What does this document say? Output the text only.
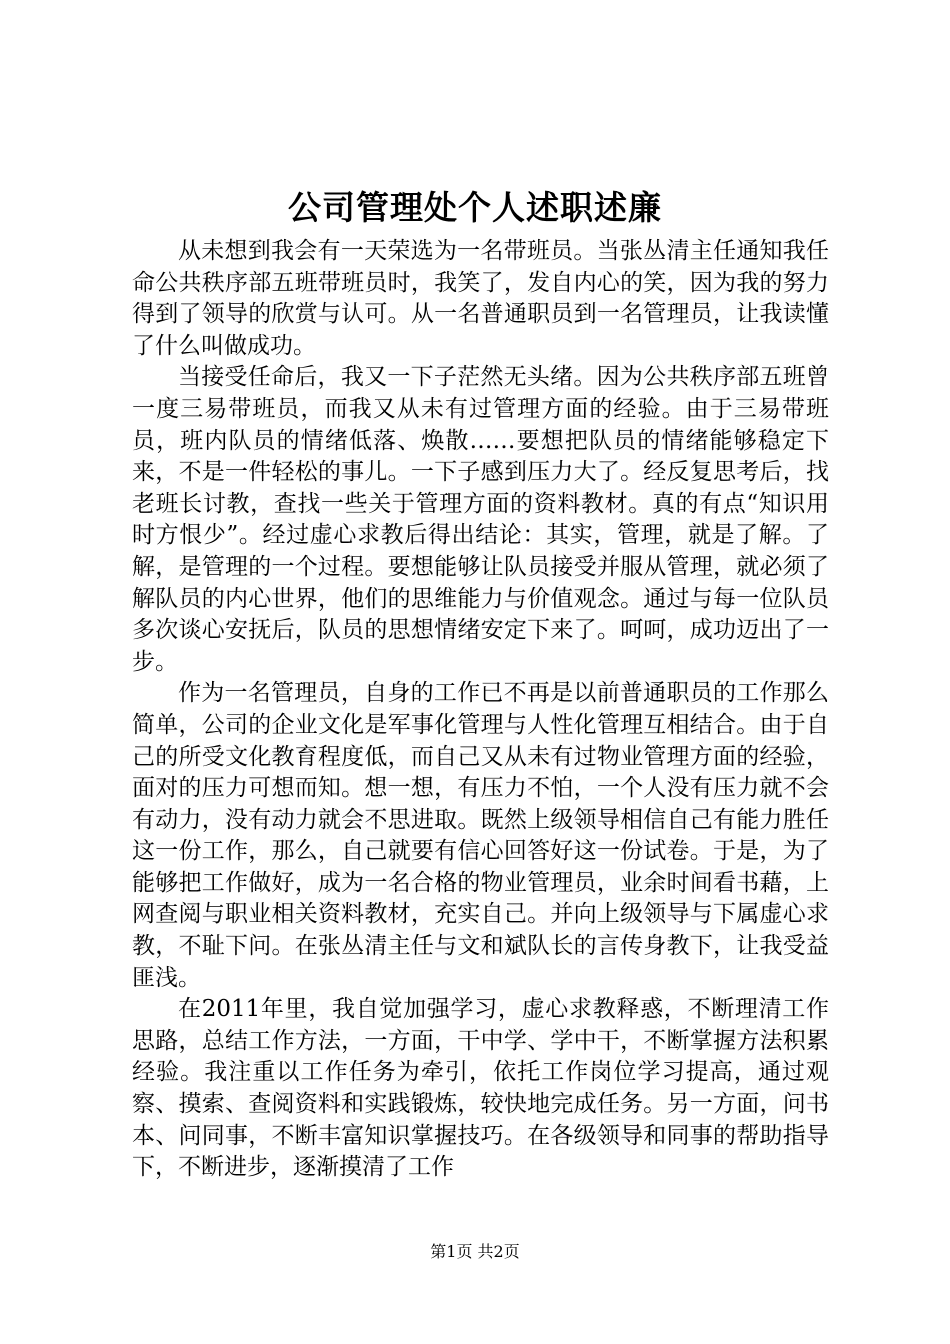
公司管理处个人述职述廉

从未想到我会有一天荣选为一名带班员。当张丛清主任通知我任命公共秩序部五班带班员时，我笑了，发自内心的笑，因为我的努力得到了领导的欣赏与认可。从一名普通职员到一名管理员，让我读懂了什么叫做成功。

当接受任命后，我又一下子茫然无头绪。因为公共秩序部五班曾一度三易带班员，而我又从未有过管理方面的经验。由于三易带班员，班内队员的情绪低落、焕散……要想把队员的情绪能够稳定下来，不是一件轻松的事儿。一下子感到压力大了。经反复思考后，找老班长讨教，查找一些关于管理方面的资料教材。真的有点“知识用时方恨少”。经过虚心求教后得出结论：其实，管理，就是了解。了解，是管理的一个过程。要想能够让队员接受并服从管理，就必须了解队员的内心世界，他们的思维能力与价值观念。通过与每一位队员多次谈心安抚后，队员的思想情绪安定下来了。呵呵，成功迈出了一步。

作为一名管理员，自身的工作已不再是以前普通职员的工作那么简单，公司的企业文化是军事化管理与人性化管理互相结合。由于自己的所受文化教育程度低，而自己又从未有过物业管理方面的经验，面对的压力可想而知。想一想，有压力不怕，一个人没有压力就不会有动力，没有动力就会不思进取。既然上级领导相信自己有能力胜任这一份工作，那么，自己就要有信心回答好这一份试卷。于是，为了能够把工作做好，成为一名合格的物业管理员，业余时间看书藉，上网查阅与职业相关资料教材，充实自己。并向上级领导与下属虚心求教，不耻下问。在张丛清主任与文和斌队长的言传身教下，让我受益匪浅。

在2011年里，我自觉加强学习，虚心求教释惑，不断理清工作思路，总结工作方法，一方面，干中学、学中干，不断掌握方法积累经验。我注重以工作任务为牵引，依托工作岗位学习提高，通过观察、摸索、查阅资料和实践锻炼，较快地完成任务。另一方面，问书本、问同事，不断丰富知识掌握技巧。在各级领导和同事的帮助指导下，不断进步，逐渐摸清了工作

第1页 共2页
